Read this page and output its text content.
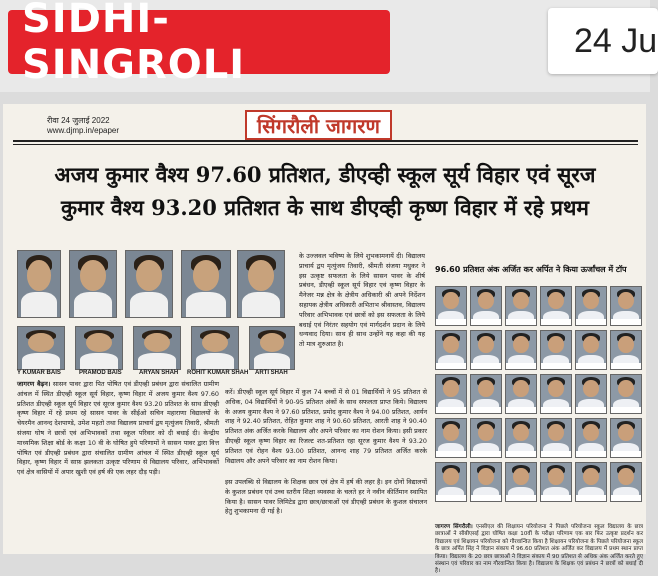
SIDHI-SINGROLI
24 Ju
रीवा 24 जुलाई 2022
www.djmp.in/epaper	सिंगरौली जागरण
अजय कुमार वैश्य 97.60 प्रतिशत, डीएव्ही स्कूल सूर्य विहार एवं सूरज
कुमार वैश्य 93.20 प्रतिशत के साथ डीएव्ही कृष्ण विहार में रहे प्रथम
Y KUMAR BAIS	PRAMOD BAIS	ARYAN SHAH ROHIT KUMAR SHAH ARTI SHAH

जागरण बैढ़न। सासन पावर द्वारा पित पोषित एवं डीएव्ही प्रबंधन द्वारा संचालित ग्रामीण आंचल में स्थित डीएव्ही स्कूल सूर्य विहार, कृष्ण विहार में अजय कुमार वैश्य 97.60 प्रतिशत डीएव्ही स्कूल सूर्य विहार एवं सूरज कुमार वैश्य 93.20 प्रतिशत के साथ डीएव्ही कृष्ण विहार में रहे प्रथम रहे सासन पावर के सीईओ सचिन महाराणा विद्यालयों के चेयरमैन आनन्द देशपाण्डे, उमेश महतो तथा विद्यालय प्राचार्य द्वय मृत्युंजय तिवारी, श्रीमती संजया घोष ने छात्रों एवं अभिभावकों तथा स्कूल परिवार को दी बधाई दी। केन्द्रीय माध्यमिक शिक्षा बोर्ड के कक्षा 10 वी के घोषित हुये परिणामों ने सासन पावर द्वारा वित्त पोषित एवं डीएव्ही प्रबंधन द्वारा संचालित ग्रामीण आंचल में स्थित डीएव्ही स्कूल सूर्य विहार, कृष्ण विहार में साफ़ झलकता उत्कृष्ट परिणाम से विद्यालय परिवार, अभिभावकों एवं क्षेत्र वासियों में अपार खुशी एवं हर्ष की एक लहर दौड़ पड़ी।

के उज्जवल भविष्य के लिये शुभकामनायें दी। विद्यालय प्राचार्य द्वय मृत्युंजय तिवारी, श्रीमती संजया मधुकर ने इस उत्कृष्ट सफलता के लिये सासन पावर के शीर्ष प्रबंधन, डीएव्ही स्कूल सूर्य विहार एवं कृष्ण विहार के मैनेजर मन्न क्षेत्र के क्षेत्रीय अधिकारी श्री अपने निर्देशन सहायक क्षेत्रीय अधिकारी अभिताभ श्रीवास्तव, विद्यालय परिवार अभिभावक एवं छात्रों को इस सफलता के लिये बधाई एवं निरंतर सहयोग एवं मार्गदर्शन प्रदान के लिये धन्यवाद दिया। साथ ही साथ उन्होंने यह कहा की यह तो मात्र शुरुआत है।

करें। डीएव्ही स्कूल सूर्य विहार में कुल 74 बच्चों में से 01 विद्यार्थियों ने 95 प्रतिशत से अधिक, 04 विद्यार्थियों ने 90-95 प्रतिशत अंकों के साथ सफलता प्राप्त किये। विद्यालय के अजय कुमार वैश्य ने 97.60 प्रतिशत, प्रमोद कुमार वैश्य ने 94.00 प्रतिशत, आर्यन शाह ने 92.40 प्रतिशत, रोहित कुमार शाह ने 90.60 प्रतिशत, आरती शाह ने 90.40 प्रतिशत अंक अर्जित करके विद्यालय और अपने परिवार का नाम रोशन किया। इसी प्रकार डीएव्ही स्कूल कृष्ण विहार का रिजल्ट शत-प्रतिशत रहा सूरज कुमार वैश्य ने 93.20 प्रतिशत एवं रोहन वैश्य 93.00 प्रतिशत, आनन्द शाह 79 प्रतिशत अर्जित करके विद्यालय और अपने परिवार का नाम रोशन किया।

इस उपलब्धि से विद्यालय के शिक्षक छात्र एवं क्षेत्र में हर्ष की लहर है। इन दोनों विद्यालयों के कुशल प्रबंधन एवं उच्च स्तरीय शिक्षा व्यवस्था के चलते हर ने नवीन कीर्तिमान स्थापित किया है। सासन पावर लिमिटेड द्वारा छात्र/छात्राओं एवं डीएव्ही प्रबंधन के कुशल संचालन हेतु शुभकामना दी गई है।

96.60 प्रतिशत अंक अर्जित कर अर्पित ने किया ऊर्जांचल में टॉप

जागरण सिंगरौली। एनसीएल की शिक्षायन परियोजना ने पिछले परियोजना स्कूल विद्यालय के छात्र छात्राओं ने सीबीएसई द्वारा घोषित कक्षा 10वीं के परीक्षा परिणाम एक बार फिर उत्कृष्ट प्रदर्शन कर विद्यालय एवं शिक्षायन परियोजना को गौरवान्वित किया है शिक्षायन परियोजना के पिछले परियोजना स्कूल के छात्र अर्पित सिंह ने विज्ञान संकाय में 96.60 प्रतिशत अंक अर्जित कर विद्यालय में प्रथम स्थान प्राप्त किया। विद्यालय के 20 छात्र छात्राओं ने विज्ञान संकाय में 90 प्रतिशत से अधिक अंक अर्जित करते हुए संस्थान एवं परिवार का नाम गौरवान्वित किया है। विद्यालय के शिक्षक एवं प्रबंधन ने छात्रों को बधाई दी है।
